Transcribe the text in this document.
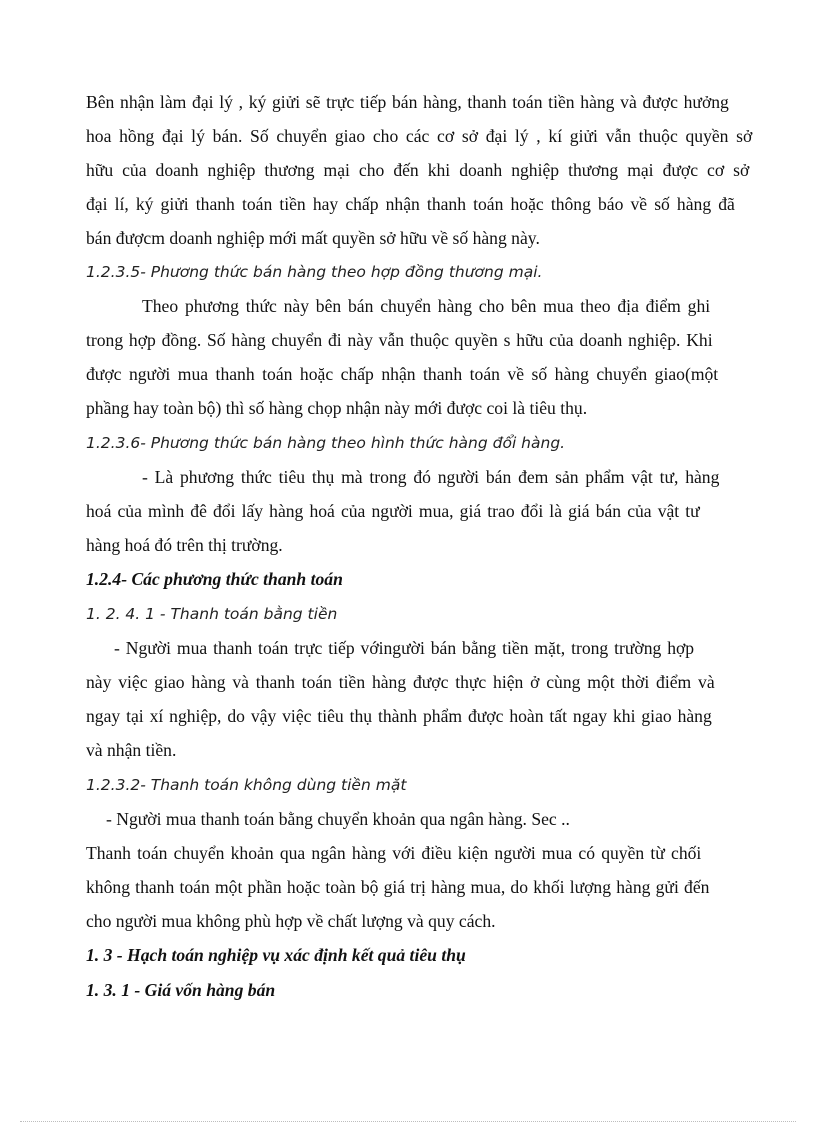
Bên nhận làm đại lý , ký giửi sẽ trực tiếp bán hàng, thanh toán tiền hàng và được hưởng
hoa hồng đại lý bán. Số chuyển giao cho các cơ sở đại lý , kí giửi vẫn thuộc quyền sở
hữu của doanh nghiệp thương mại cho đến khi doanh nghiệp thương mại được cơ sở
đại lí, ký giửi thanh toán tiền hay chấp nhận thanh toán hoặc thông báo về số hàng đã
bán đượcm doanh nghiệp mới mất quyền sở hữu về số hàng này.
1.2.3.5- Phương thức bán hàng theo hợp đồng thương mại.
Theo phương thức này bên bán chuyển hàng cho bên mua theo địa điểm ghi
trong hợp đồng. Số hàng chuyển đi này vẫn thuộc quyền s hữu của doanh nghiệp. Khi
được người mua thanh toán hoặc chấp nhận thanh toán về số hàng chuyển giao(một
phầng hay toàn bộ) thì số hàng chọp nhận này mới được coi là tiêu thụ.
1.2.3.6- Phương thức bán hàng theo hình thức hàng đổi hàng.
- Là phương thức tiêu thụ mà trong đó người bán đem sản phẩm vật tư, hàng
hoá của mình đê đổi lấy hàng hoá của người mua, giá trao đổi là giá bán của vật tư
hàng hoá đó trên thị trường.
1.2.4- Các phương thức thanh toán
1. 2. 4. 1 - Thanh toán bằng tiền
- Người mua thanh toán trực tiếp vớingười bán bằng tiền mặt, trong trường hợp
này việc giao hàng và thanh toán tiền hàng được thực hiện ở cùng một thời điểm và
ngay tại xí nghiệp, do vậy việc tiêu thụ thành phẩm được hoàn tất ngay khi giao hàng
và nhận tiền.
1.2.3.2- Thanh toán không dùng tiền mặt
- Người mua thanh toán bằng chuyển khoản qua ngân hàng. Sec ..
Thanh toán chuyển khoản qua ngân hàng với điều kiện người mua có quyền từ chối
không thanh toán một phần hoặc toàn bộ giá trị hàng mua, do khối lượng hàng gửi đến
cho người mua không phù hợp về chất lượng và quy cách.
1. 3 - Hạch toán nghiệp vụ xác định kết quả tiêu thụ
1. 3. 1 - Giá vốn hàng bán
